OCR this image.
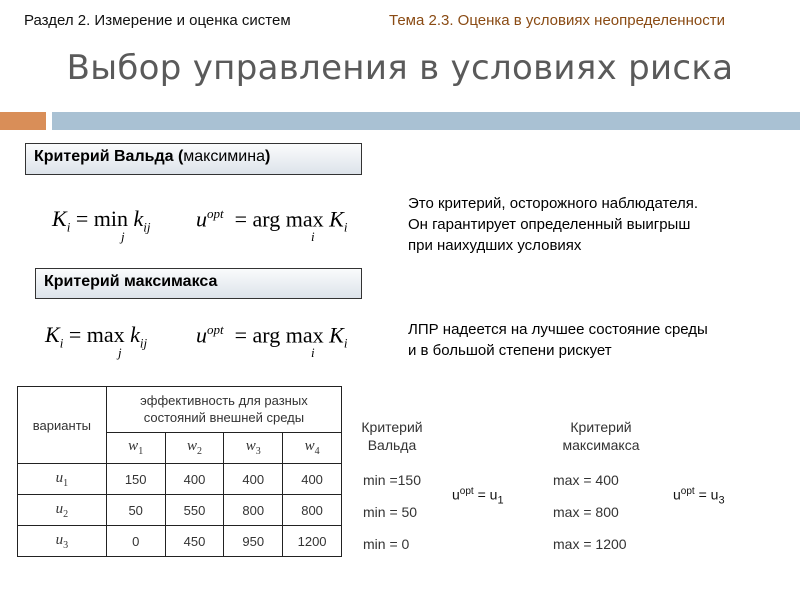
Раздел 2. Измерение и оценка систем	Тема 2.3. Оценка в условиях неопределенности
Выбор управления в условиях риска
Критерий Вальда (максимина)
$K_i = \min k_{ij}$
j
$u^{opt}$  = arg $\max K_i$
i
Это критерий, осторожного наблюдателя.
Он гарантирует определенный выигрыш
при наихудших условиях
Критерий максимакса
$K_i = \max k_{ij}$
j
$u^{opt}$  = arg $\max K_i$
i
ЛПР надеется на лучшее состояние среды
и в большой степени рискует
варианты	эффективность для разных состояний внешней среды			
	$w_1$	$w_2$	$w_3$	$w_4$
$u_1$	150	400	400	400
$u_2$	50	550	800	800
$u_3$	0	450	950	1200
Критерий
Вальда
min =150
min = 50
min = 0
$u^{opt} = u_1$
Критерий
максимакса
max = 400
max = 800
max = 1200
$u^{opt} = u_3$
